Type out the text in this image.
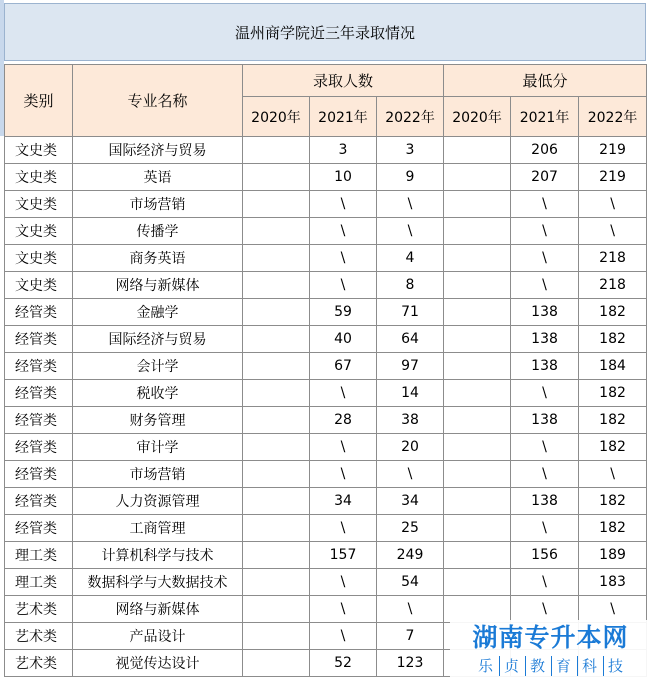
温州商学院近三年录取情况
类别	专业名称	录取人数			最低分		
		2020年	2021年	2022年	2020年	2021年	2022年
文史类	国际经济与贸易		3	3		206	219
文史类	英语		10	9		207	219
文史类	市场营销		\	\		\	\
文史类	传播学		\	\		\	\
文史类	商务英语		\	4		\	218
文史类	网络与新媒体		\	8		\	218
经管类	金融学		59	71		138	182
经管类	国际经济与贸易		40	64		138	182
经管类	会计学		67	97		138	184
经管类	税收学		\	14		\	182
经管类	财务管理		28	38		138	182
经管类	审计学		\	20		\	182
经管类	市场营销		\	\		\	\
经管类	人力资源管理		34	34		138	182
经管类	工商管理		\	25		\	182
理工类	计算机科学与技术		157	249		156	189
理工类	数据科学与大数据技术		\	54		\	183
艺术类	网络与新媒体		\	\		\	\
艺术类	产品设计		\	7			
艺术类	视觉传达设计		52	123			
湖南专升本网
乐 贞 教 育 科 技
